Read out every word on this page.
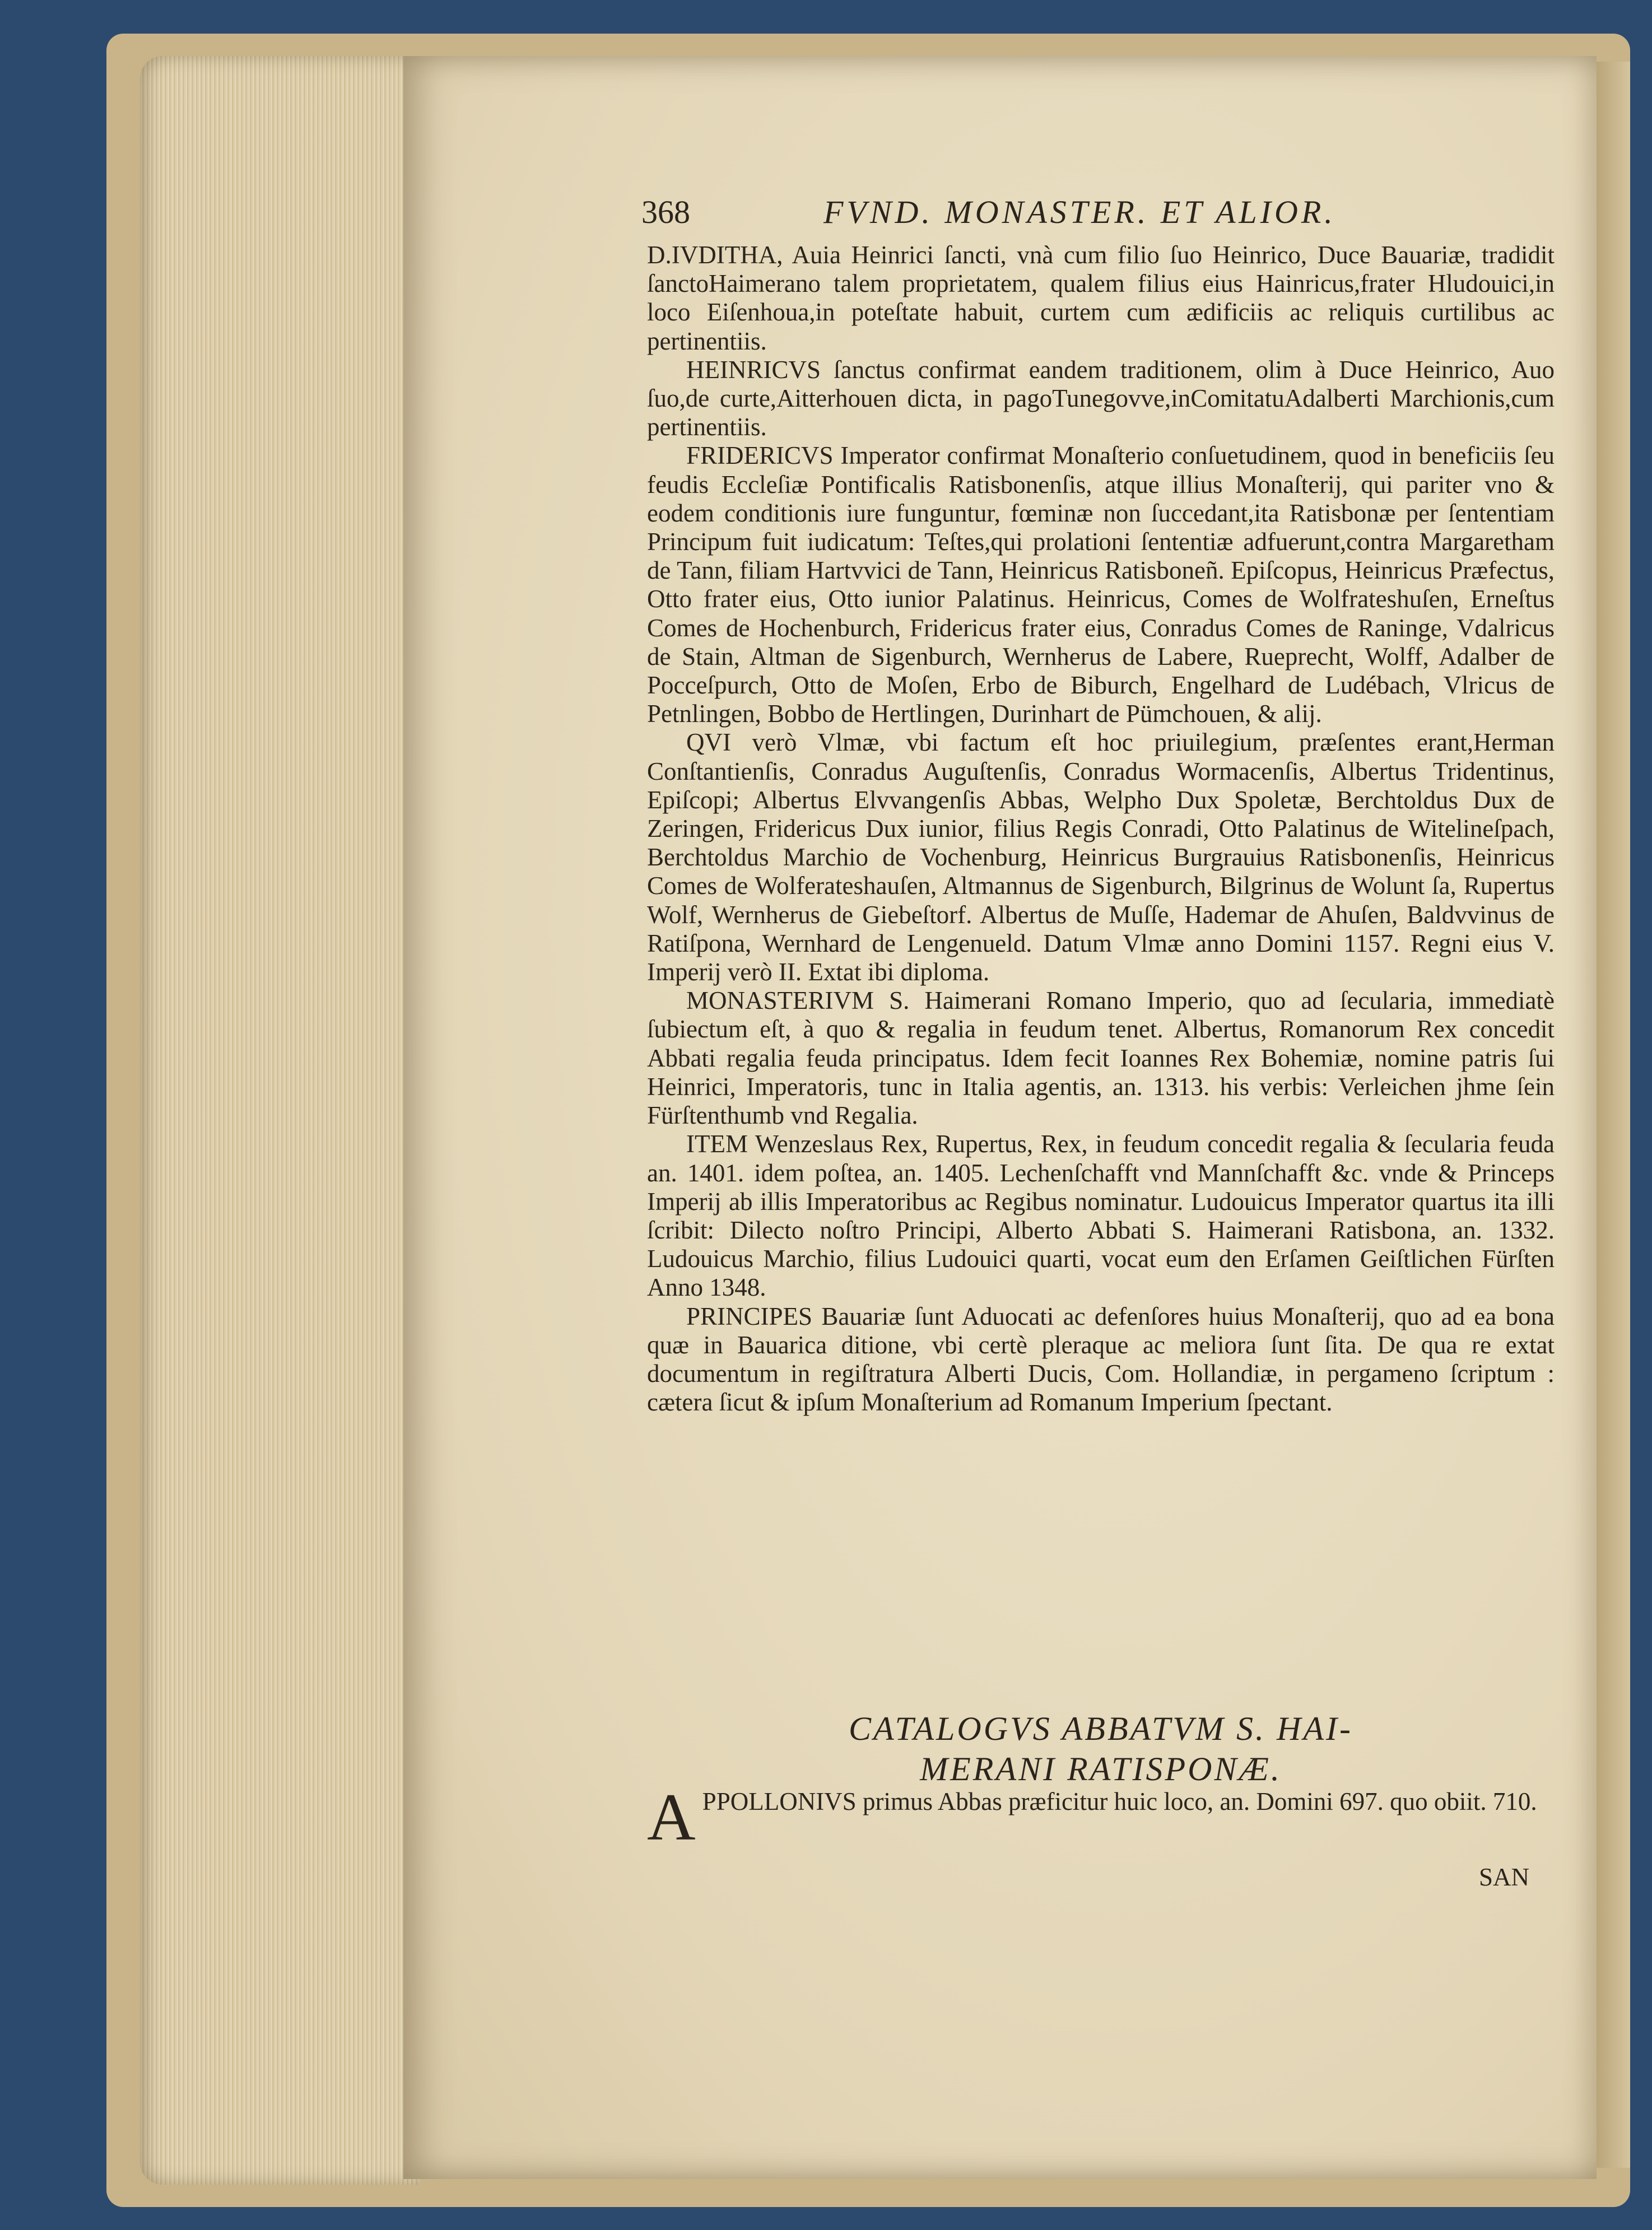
368	FVND. MONASTER. ET ALIOR.

D.IVDITHA, Auia Heinrici ſancti, vnà cum filio ſuo Heinrico, Duce Bauariæ, tradidit ſanctoHaimerano talem proprietatem, qualem filius eius Hainricus,frater Hludouici,in loco Eiſenhoua,in poteſtate habuit, curtem cum ædificiis ac reliquis curtilibus ac pertinentiis.

HEINRICVS ſanctus confirmat eandem traditionem, olim à Duce Heinrico, Auo ſuo,de curte,Aitterhouen dicta, in pagoTunegovve,inComitatuAdalberti Marchionis,cum pertinentiis.

FRIDERICVS Imperator confirmat Monaſterio conſuetudinem, quod in beneficiis ſeu feudis Eccleſiæ Pontificalis Ratisbonenſis, atque illius Monaſterij, qui pariter vno & eodem conditionis iure funguntur, fœminæ non ſuccedant,ita Ratisbonæ per ſententiam Principum fuit iudicatum: Teſtes,qui prolationi ſententiæ adfuerunt,contra Margaretham de Tann, filiam Hartvvici de Tann, Heinricus Ratisboneñ. Epiſcopus, Heinricus Præfectus, Otto frater eius, Otto iunior Palatinus. Heinricus, Comes de Wolfrateshuſen, Erneſtus Comes de Hochenburch, Fridericus frater eius, Conradus Comes de Raninge, Vdalricus de Stain, Altman de Sigenburch, Wernherus de Labere, Rueprecht, Wolff, Adalber de Pocceſpurch, Otto de Moſen, Erbo de Biburch, Engelhard de Ludébach, Vlricus de Petnlingen, Bobbo de Hertlingen, Durinhart de Pümchouen, & alij.

QVI verò Vlmæ, vbi factum eſt hoc priuilegium, præſentes erant,Herman Conſtantienſis, Conradus Auguſtenſis, Conradus Wormacenſis, Albertus Tridentinus, Epiſcopi; Albertus Elvvangenſis Abbas, Welpho Dux Spoletæ, Berchtoldus Dux de Zeringen, Fridericus Dux iunior, filius Regis Conradi, Otto Palatinus de Witelineſpach, Berchtoldus Marchio de Vochenburg, Heinricus Burgrauius Ratisbonenſis, Heinricus Comes de Wolferateshauſen, Altmannus de Sigenburch, Bilgrinus de Wolunt ſa, Rupertus Wolf, Wernherus de Giebeſtorf. Albertus de Muſſe, Hademar de Ahuſen, Baldvvinus de Ratiſpona, Wernhard de Lengenueld. Datum Vlmæ anno Domini 1157. Regni eius V. Imperij verò II. Extat ibi diploma.

MONASTERIVM S. Haimerani Romano Imperio, quo ad ſecularia, immediatè ſubiectum eſt, à quo & regalia in feudum tenet. Albertus, Romanorum Rex concedit Abbati regalia feuda principatus. Idem fecit Ioannes Rex Bohemiæ, nomine patris ſui Heinrici, Imperatoris, tunc in Italia agentis, an. 1313. his verbis: Verleichen jhme ſein Fürſtenthumb vnd Regalia.

ITEM Wenzeslaus Rex, Rupertus, Rex, in feudum concedit regalia & ſecularia feuda an. 1401. idem poſtea, an. 1405. Lechenſchafft vnd Mannſchafft &c. vnde & Princeps Imperij ab illis Imperatoribus ac Regibus nominatur. Ludouicus Imperator quartus ita illi ſcribit: Dilecto noſtro Principi, Alberto Abbati S. Haimerani Ratisbona, an. 1332. Ludouicus Marchio, filius Ludouici quarti, vocat eum den Erſamen Geiſtlichen Fürſten Anno 1348.

PRINCIPES Bauariæ ſunt Aduocati ac defenſores huius Monaſterij, quo ad ea bona quæ in Bauarica ditione, vbi certè pleraque ac meliora ſunt ſita. De qua re extat documentum in regiſtratura Alberti Ducis, Com. Hollandiæ, in pergameno ſcriptum : cætera ſicut & ipſum Monaſterium ad Romanum Imperium ſpectant.

CATALOGVS ABBATVM S. HAI-
MERANI RATISPONÆ.
A PPOLLONIVS primus Abbas præficitur huic loco, an. Domini 697. quo obiit. 710.
SAN
